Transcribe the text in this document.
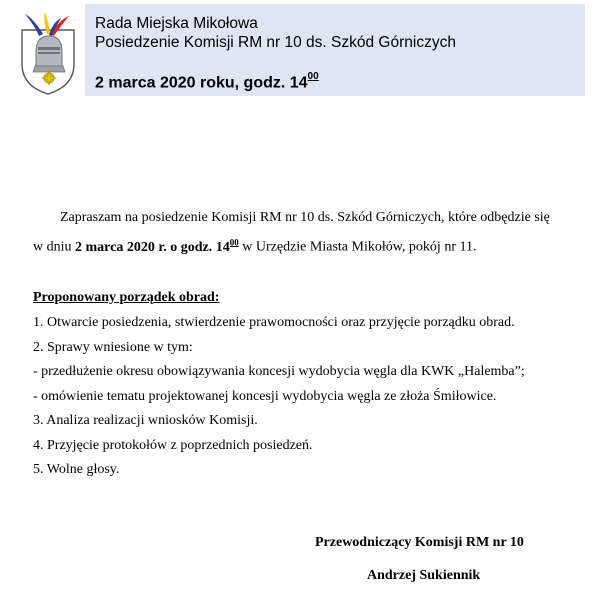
Rada Miejska Mikołowa
Posiedzenie Komisji RM nr 10 ds. Szkód Górniczych
2 marca 2020 roku, godz. $14^{00}$
Zapraszam na posiedzenie Komisji RM nr 10 ds. Szkód Górniczych, które odbędzie się
w dniu 2 marca 2020 r. o godz. $14^{00}$ w Urzędzie Miasta Mikołów, pokój nr 11.
Proponowany porządek obrad:
1. Otwarcie posiedzenia, stwierdzenie prawomocności oraz przyjęcie porządku obrad.
2. Sprawy wniesione w tym:
- przedłużenie okresu obowiązywania koncesji wydobycia węgla dla KWK „Halemba”;
- omówienie tematu projektowanej koncesji wydobycia węgla ze złoża Śmiłowice.
3. Analiza realizacji wniosków Komisji.
4. Przyjęcie protokołów z poprzednich posiedzeń.
5. Wolne głosy.
Przewodniczący Komisji RM nr 10
Andrzej Sukiennik
